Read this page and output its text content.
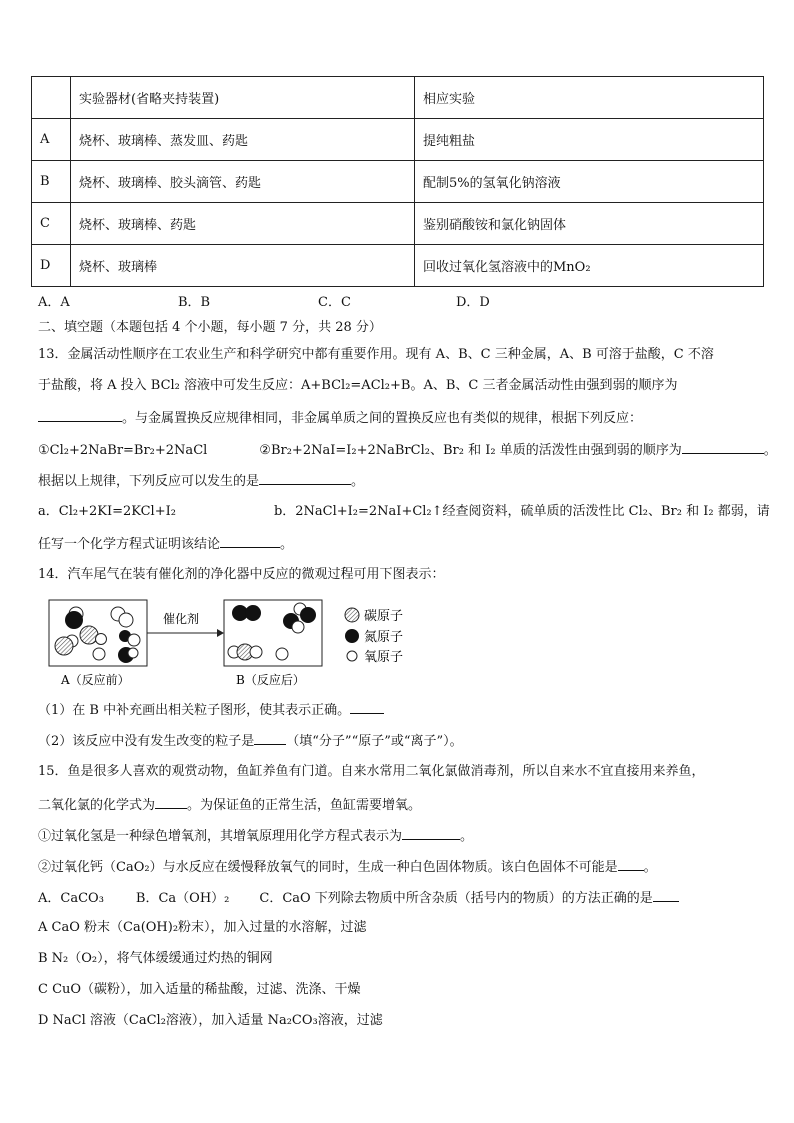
	实验器材(省略夹持装置)	相应实验
A	烧杯、玻璃棒、蒸发皿、药匙	提纯粗盐
B	烧杯、玻璃棒、胶头滴管、药匙	配制5%的氢氧化钠溶液
C	烧杯、玻璃棒、药匙	鉴别硝酸铵和氯化钠固体
D	烧杯、玻璃棒	回收过氧化氢溶液中的MnO₂
A．A	B．B	C．C	D．D
二、填空题（本题包括 4 个小题，每小题 7 分，共 28 分）
13．金属活动性顺序在工农业生产和科学研究中都有重要作用。现有 A、B、C 三种金属，A、B 可溶于盐酸，C 不溶
于盐酸，将 A 投入 BCl₂ 溶液中可发生反应：A+BCl₂=ACl₂+B。A、B、C 三者金属活动性由强到弱的顺序为
。与金属置换反应规律相同，非金属单质之间的置换反应也有类似的规律，根据下列反应：
①Cl₂+2NaBr=Br₂+2NaCl	②Br₂+2NaI=I₂+2NaBrCl₂、Br₂ 和 I₂ 单质的活泼性由强到弱的顺序为	。
根据以上规律，下列反应可以发生的是	。
a．Cl₂+2KI=2KCl+I₂	b．2NaCl+I₂=2NaI+Cl₂↑经查阅资料，硫单质的活泼性比 Cl₂、Br₂ 和 I₂ 都弱，请
任写一个化学方程式证明该结论	。
14．汽车尾气在装有催化剂的净化器中反应的微观过程可用下图表示：
催化剂	碳原子
氮原子
氧原子
A（反应前）	B（反应后）
（1）在 B 中补充画出相关粒子图形，使其表示正确。
（2）该反应中没有发生改变的粒子是 （填“分子”“原子”或“离子”）。
15．鱼是很多人喜欢的观赏动物，鱼缸养鱼有门道。自来水常用二氧化氯做消毒剂，所以自来水不宜直接用来养鱼，
二氧化氯的化学式为 。为保证鱼的正常生活，鱼缸需要增氧。
①过氧化氢是一种绿色增氧剂，其增氧原理用化学方程式表示为	。
②过氧化钙（CaO₂）与水反应在缓慢释放氧气的同时，生成一种白色固体物质。该白色固体不可能是 。
A．CaCO₃ B．Ca（OH）₂ C．CaO 下列除去物质中所含杂质（括号内的物质）的方法正确的是
A CaO 粉末（Ca(OH)₂粉末），加入过量的水溶解，过滤
B N₂（O₂），将气体缓缓通过灼热的铜网
C CuO（碳粉），加入适量的稀盐酸，过滤、洗涤、干燥
D NaCl 溶液（CaCl₂溶液），加入适量 Na₂CO₃溶液，过滤
